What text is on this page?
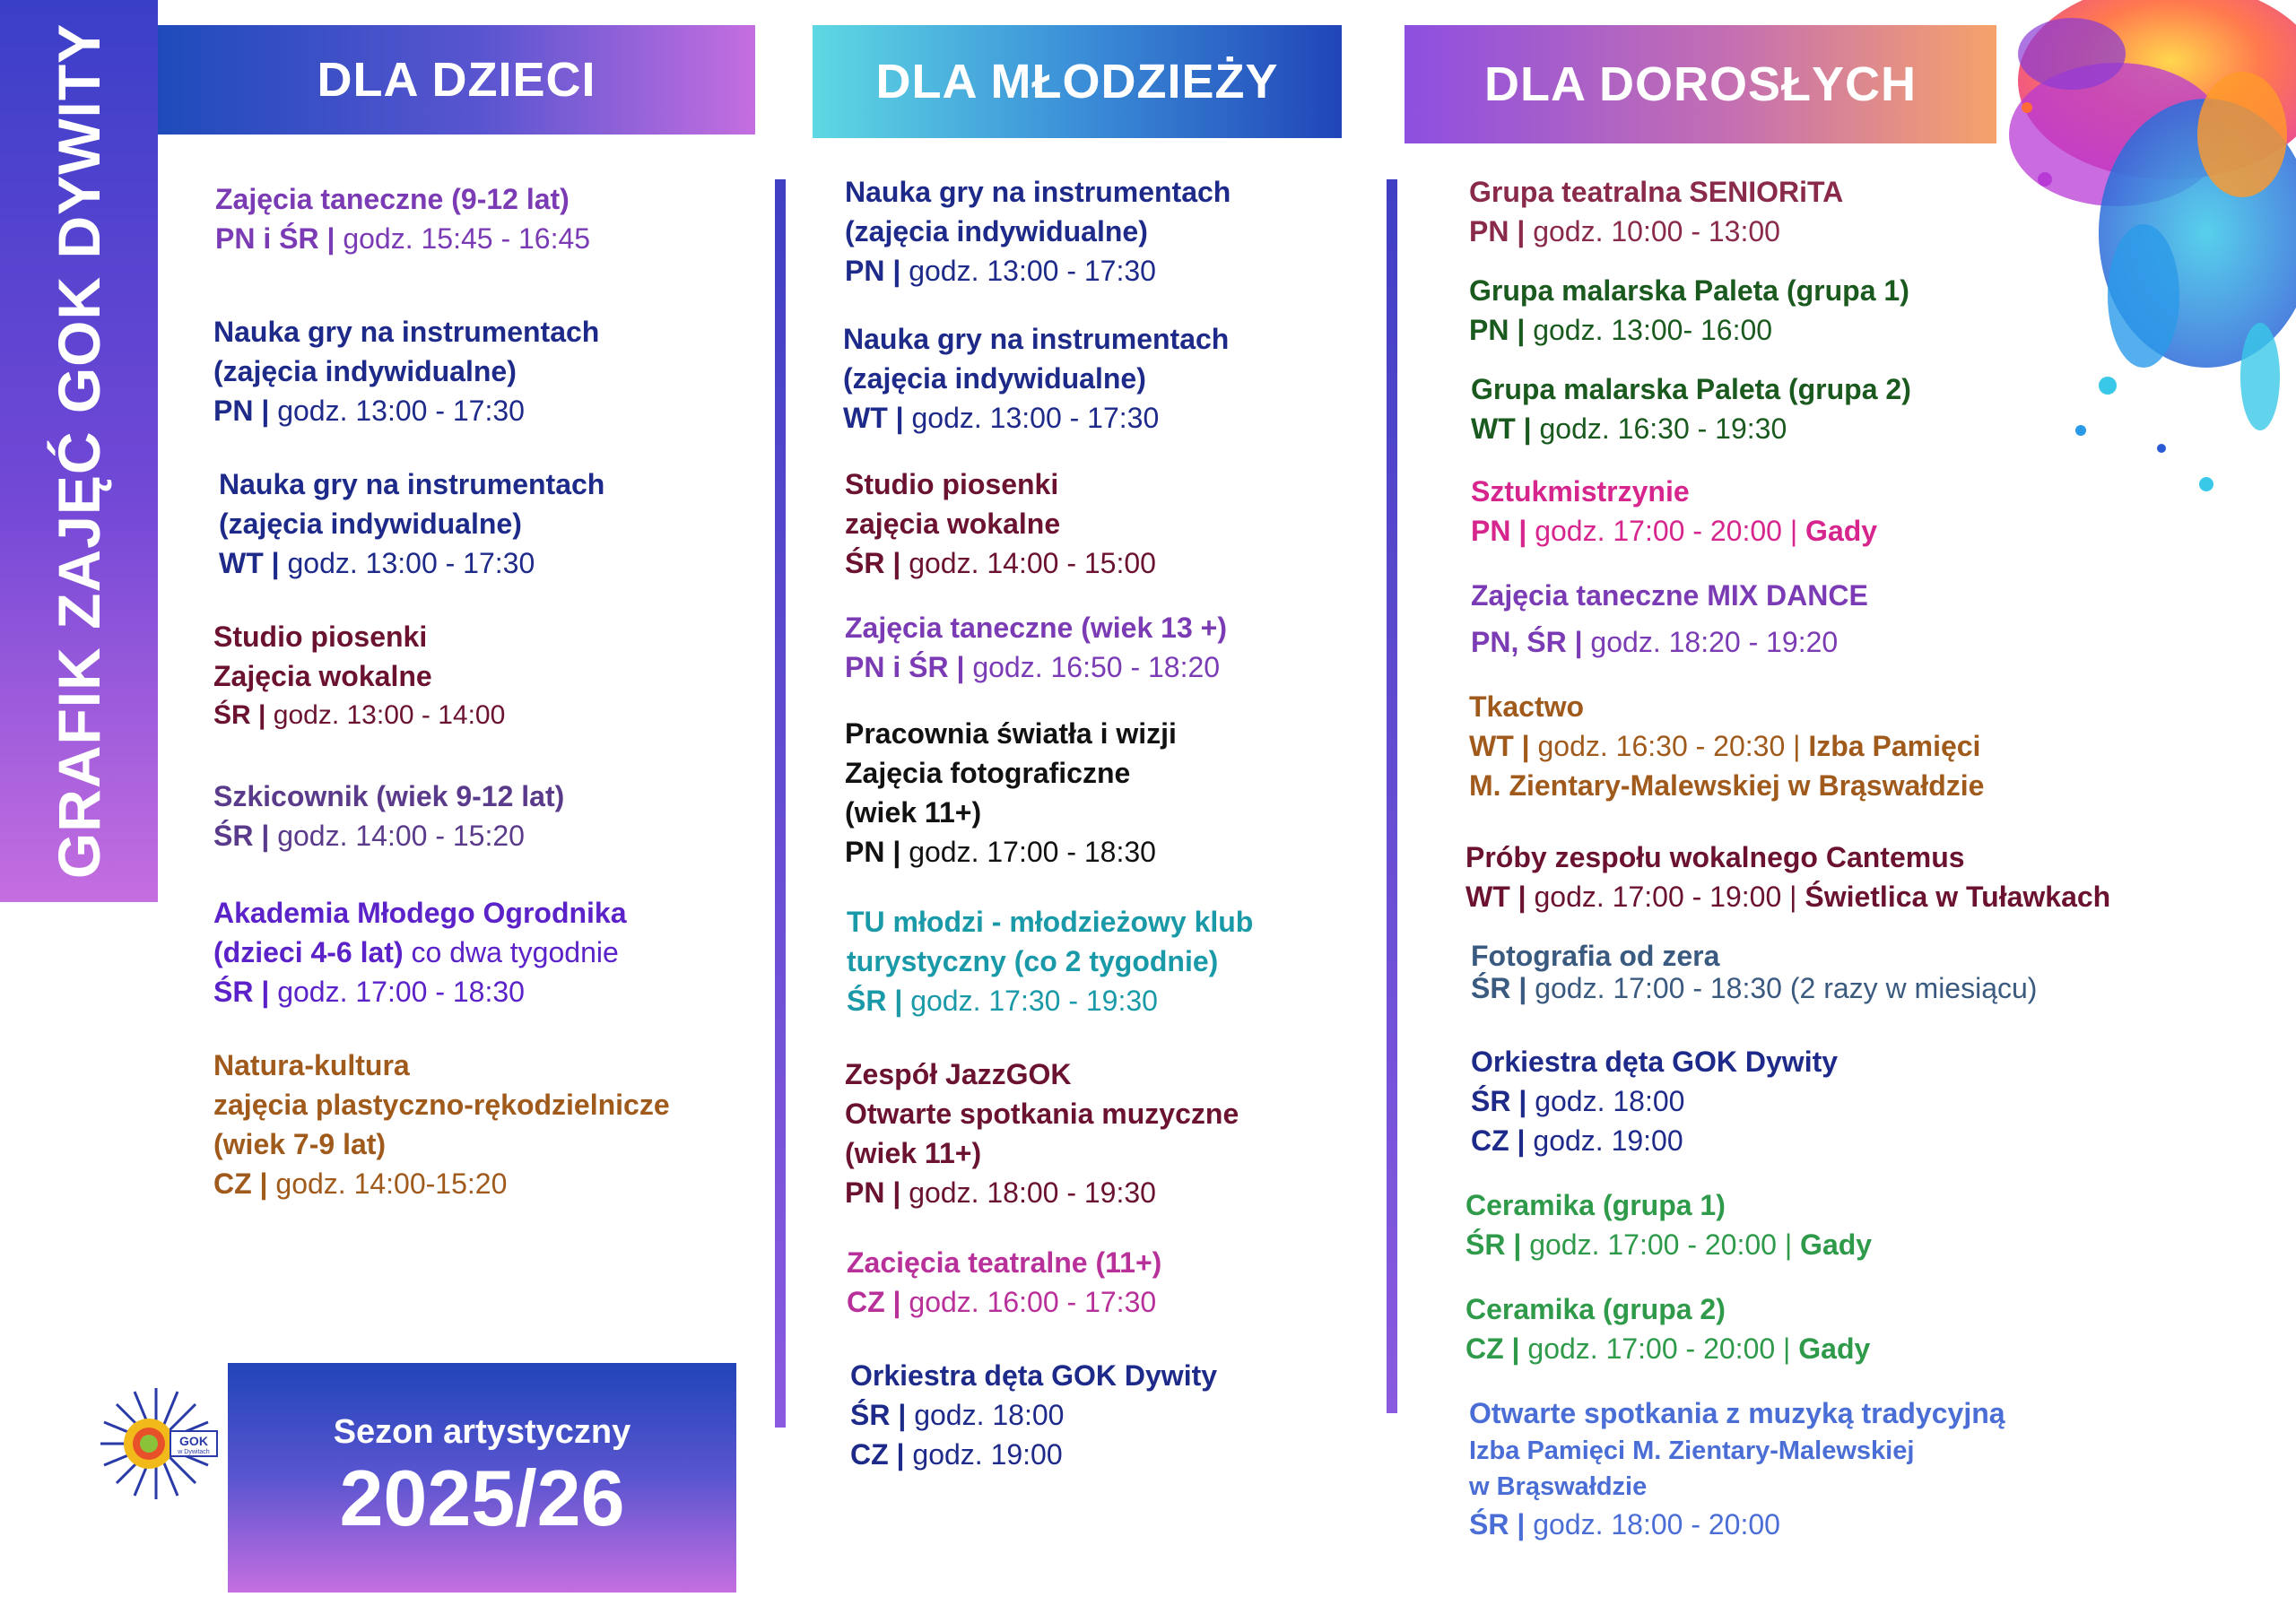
GRAFIK ZAJĘĆ GOK DYWITY	DLA DZIECI	DLA MŁODZIEŻY	DLA DOROSŁYCH
Zajęcia taneczne (9-12 lat)
PN i ŚR | godz. 15:45 - 16:45
Nauka gry na instrumentach
(zajęcia indywidualne)
PN | godz. 13:00 - 17:30
Nauka gry na instrumentach
(zajęcia indywidualne)
WT | godz. 13:00 - 17:30
Studio piosenki
Zajęcia wokalne
ŚR | godz. 13:00 - 14:00
Szkicownik (wiek 9-12 lat)
ŚR | godz. 14:00 - 15:20
Akademia Młodego Ogrodnika
(dzieci 4-6 lat) co dwa tygodnie
ŚR | godz. 17:00 - 18:30
Natura-kultura
zajęcia plastyczno-rękodzielnicze
(wiek 7-9 lat)
CZ | godz. 14:00-15:20
GOK
w Dywitach
Sezon artystyczny
2025/26
Nauka gry na instrumentach
(zajęcia indywidualne)
PN | godz. 13:00 - 17:30
Nauka gry na instrumentach
(zajęcia indywidualne)
WT | godz. 13:00 - 17:30
Studio piosenki
zajęcia wokalne
ŚR | godz. 14:00 - 15:00
Zajęcia taneczne (wiek 13 +)
PN i ŚR | godz. 16:50 - 18:20
Pracownia światła i wizji
Zajęcia fotograficzne
(wiek 11+)
PN | godz. 17:00 - 18:30
TU młodzi - młodzieżowy klub
turystyczny (co 2 tygodnie)
ŚR | godz. 17:30 - 19:30
Zespół JazzGOK
Otwarte spotkania muzyczne
(wiek 11+)
PN | godz. 18:00 - 19:30
Zacięcia teatralne (11+)
CZ | godz. 16:00 - 17:30
Orkiestra dęta GOK Dywity
ŚR | godz. 18:00
CZ | godz. 19:00
Grupa teatralna SENIORiTA
PN | godz. 10:00 - 13:00
Grupa malarska Paleta (grupa 1)
PN | godz. 13:00- 16:00
Grupa malarska Paleta (grupa 2)
WT | godz. 16:30 - 19:30
Sztukmistrzynie
PN | godz. 17:00 - 20:00 | Gady
Zajęcia taneczne MIX DANCE
PN, ŚR | godz. 18:20 - 19:20
Tkactwo
WT | godz. 16:30 - 20:30 | Izba Pamięci
M. Zientary-Malewskiej w Brąswałdzie
Próby zespołu wokalnego Cantemus
WT | godz. 17:00 - 19:00 | Świetlica w Tuławkach
Fotografia od zera
ŚR | godz. 17:00 - 18:30 (2 razy w miesiącu)
Orkiestra dęta GOK Dywity
ŚR | godz. 18:00
CZ | godz. 19:00
Ceramika (grupa 1)
ŚR | godz. 17:00 - 20:00 | Gady
Ceramika (grupa 2)
CZ | godz. 17:00 - 20:00 | Gady
Otwarte spotkania z muzyką tradycyjną
Izba Pamięci M. Zientary-Malewskiej
w Brąswałdzie
ŚR | godz. 18:00 - 20:00
